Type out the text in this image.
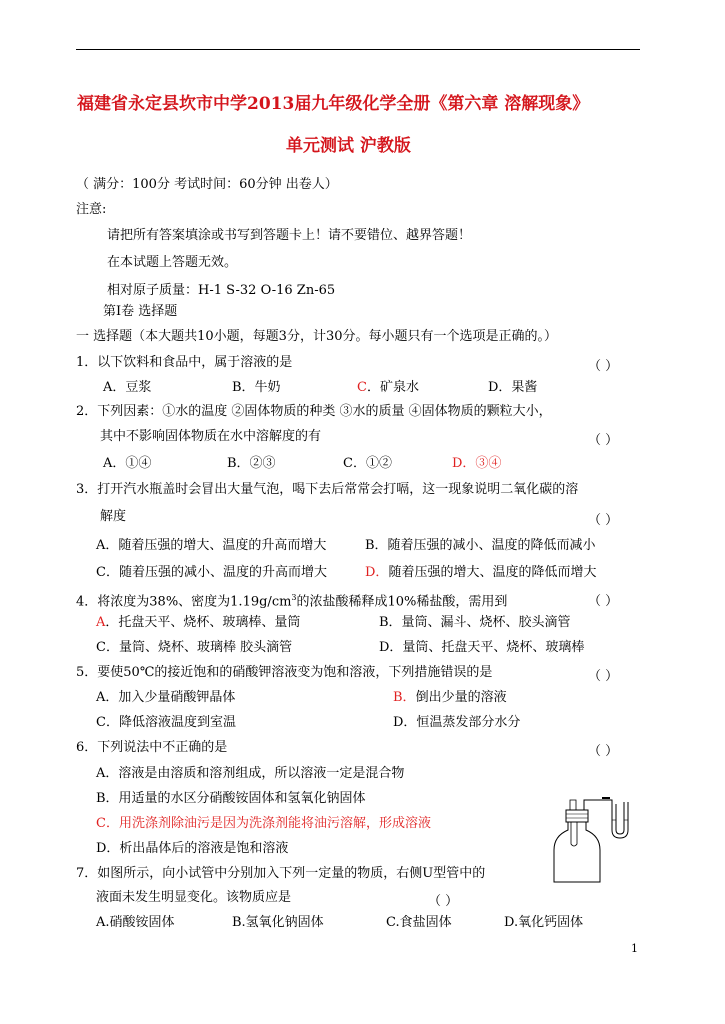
福建省永定县坎市中学2013届九年级化学全册《第六章 溶解现象》
单元测试 沪教版
（ 满分：100分 考试时间：60分钟 出卷人）
注意:
请把所有答案填涂或书写到答题卡上！请不要错位、越界答题！
在本试题上答题无效。
相对原子质量：H-1 S-32 O-16 Zn-65
第Ⅰ卷 选择题
一 选择题（本大题共10小题，每题3分，计30分。每小题只有一个选项是正确的。）
1．以下饮料和食品中，属于溶液的是	（ ）
A．豆浆	B．牛奶	C．矿泉水	D．果酱
2．下列因素：①水的温度 ②固体物质的种类 ③水的质量 ④固体物质的颗粒大小，
其中不影响固体物质在水中溶解度的有	（ ）
A．①④	B．②③	C．①②	D．③④
3．打开汽水瓶盖时会冒出大量气泡，喝下去后常常会打嗝，这一现象说明二氧化碳的溶
解度	（ ）
A．随着压强的增大、温度的升高而增大	B．随着压强的减小、温度的降低而减小
C．随着压强的减小、温度的升高而增大	D．随着压强的增大、温度的降低而增大
4．将浓度为38%、密度为$1.19g/cm^3$的浓盐酸稀释成10%稀盐酸，需用到	（ ）
A．托盘天平、烧杯、玻璃棒、量筒	B．量筒、漏斗、烧杯、胶头滴管
C．量筒、烧杯、玻璃棒 胶头滴管	D．量筒、托盘天平、烧杯、玻璃棒
5．要使50℃的接近饱和的硝酸钾溶液变为饱和溶液，下列措施错误的是	（ ）
A．加入少量硝酸钾晶体	B．倒出少量的溶液
C．降低溶液温度到室温	D．恒温蒸发部分水分
6．下列说法中不正确的是	（ ）
A．溶液是由溶质和溶剂组成，所以溶液一定是混合物
B．用适量的水区分硝酸铵固体和氢氧化钠固体
C．用洗涤剂除油污是因为洗涤剂能将油污溶解，形成溶液
D．析出晶体后的溶液是饱和溶液
7．如图所示，向小试管中分别加入下列一定量的物质，右侧U型管中的
液面未发生明显变化。该物质应是	（ ）
A.硝酸铵固体	B.氢氧化钠固体	C.食盐固体	D.氧化钙固体
1
